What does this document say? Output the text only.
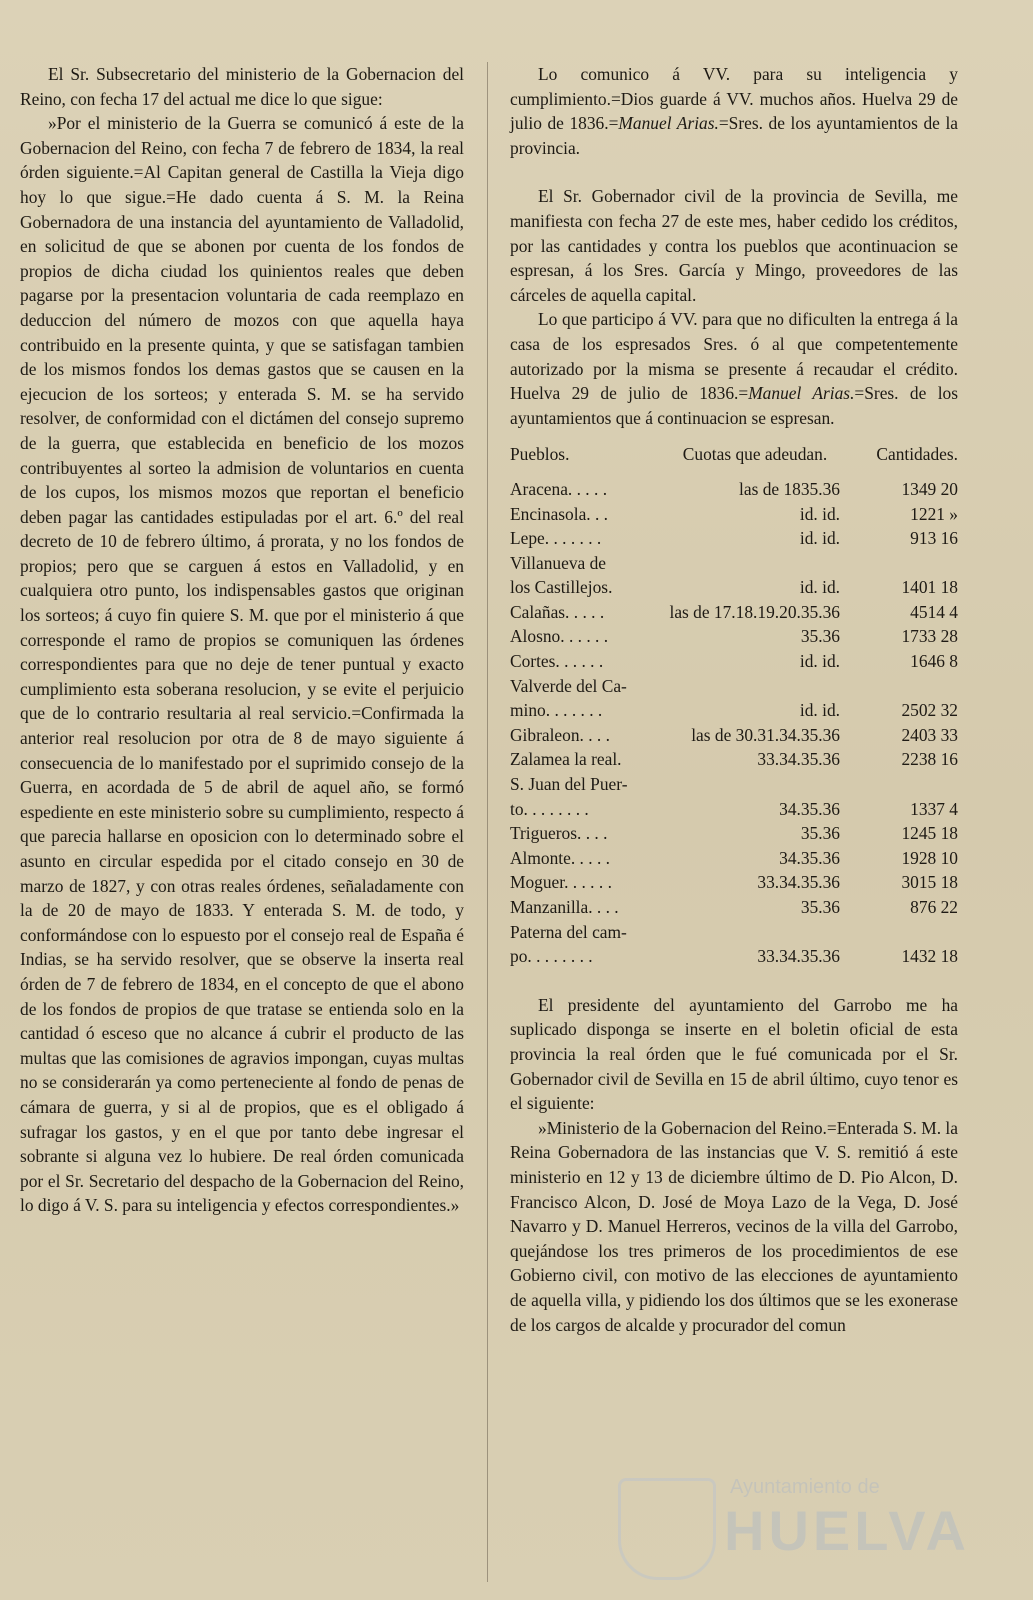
El Sr. Subsecretario del ministerio de la Gobernacion del Reino, con fecha 17 del actual me dice lo que sigue:

»Por el ministerio de la Guerra se comunicó á este de la Gobernacion del Reino, con fecha 7 de febrero de 1834, la real órden siguiente.=Al Capitan general de Castilla la Vieja digo hoy lo que sigue.=He dado cuenta á S. M. la Reina Gobernadora de una instancia del ayuntamiento de Valladolid, en solicitud de que se abonen por cuenta de los fondos de propios de dicha ciudad los quinientos reales que deben pagarse por la presentacion voluntaria de cada reemplazo en deduccion del número de mozos con que aquella haya contribuido en la presente quinta, y que se satisfagan tambien de los mismos fondos los demas gastos que se causen en la ejecucion de los sorteos; y enterada S. M. se ha servido resolver, de conformidad con el dictámen del consejo supremo de la guerra, que establecida en beneficio de los mozos contribuyentes al sorteo la admision de voluntarios en cuenta de los cupos, los mismos mozos que reportan el beneficio deben pagar las cantidades estipuladas por el art. 6.º del real decreto de 10 de febrero último, á prorata, y no los fondos de propios; pero que se carguen á estos en Valladolid, y en cualquiera otro punto, los indispensables gastos que originan los sorteos; á cuyo fin quiere S. M. que por el ministerio á que corresponde el ramo de propios se comuniquen las órdenes correspondientes para que no deje de tener puntual y exacto cumplimiento esta soberana resolucion, y se evite el perjuicio que de lo contrario resultaria al real servicio.=Confirmada la anterior real resolucion por otra de 8 de mayo siguiente á consecuencia de lo manifestado por el suprimido consejo de la Guerra, en acordada de 5 de abril de aquel año, se formó espediente en este ministerio sobre su cumplimiento, respecto á que parecia hallarse en oposicion con lo determinado sobre el asunto en circular espedida por el citado consejo en 30 de marzo de 1827, y con otras reales órdenes, señaladamente con la de 20 de mayo de 1833. Y enterada S. M. de todo, y conformándose con lo espuesto por el consejo real de España é Indias, se ha servido resolver, que se observe la inserta real órden de 7 de febrero de 1834, en el concepto de que el abono de los fondos de propios de que tratase se entienda solo en la cantidad ó esceso que no alcance á cubrir el producto de las multas que las comisiones de agravios impongan, cuyas multas no se considerarán ya como perteneciente al fondo de penas de cámara de guerra, y si al de propios, que es el obligado á sufragar los gastos, y en el que por tanto debe ingresar el sobrante si alguna vez lo hubiere. De real órden comunicada por el Sr. Secretario del despacho de la Gobernacion del Reino, lo digo á V. S. para su inteligencia y efectos correspondientes.»

Lo comunico á VV. para su inteligencia y cumplimiento.=Dios guarde á VV. muchos años. Huelva 29 de julio de 1836.=Manuel Arias.=Sres. de los ayuntamientos de la provincia.

El Sr. Gobernador civil de la provincia de Sevilla, me manifiesta con fecha 27 de este mes, haber cedido los créditos, por las cantidades y contra los pueblos que acontinuacion se espresan, á los Sres. García y Mingo, proveedores de las cárceles de aquella capital.

Lo que participo á VV. para que no dificulten la entrega á la casa de los espresados Sres. ó al que competentemente autorizado por la misma se presente á recaudar el crédito. Huelva 29 de julio de 1836.=Manuel Arias.=Sres. de los ayuntamientos que á continuacion se espresan.

Pueblos.	Cuotas que adeudan.	Cantidades.
Aracena. . . . .	las de 1835.36	1349 20
Encinasola. . .	id. id.	1221 »
Lepe. . . . . . .	id. id.	913 16
Villanueva de		
los Castillejos.	id. id.	1401 18
Calañas. . . . .	las de 17.18.19.20.35.36	4514 4
Alosno. . . . . .	35.36	1733 28
Cortes. . . . . .	id. id.	1646 8
Valverde del Ca-		
mino. . . . . . .	id. id.	2502 32
Gibraleon. . . .	las de 30.31.34.35.36	2403 33
Zalamea la real.	33.34.35.36	2238 16
S. Juan del Puer-		
to. . . . . . . .	34.35.36	1337 4
Trigueros. . . .	35.36	1245 18
Almonte. . . . .	34.35.36	1928 10
Moguer. . . . . .	33.34.35.36	3015 18
Manzanilla. . . .	35.36	876 22
Paterna del cam-		
po. . . . . . . .	33.34.35.36	1432 18

El presidente del ayuntamiento del Garrobo me ha suplicado disponga se inserte en el boletin oficial de esta provincia la real órden que le fué comunicada por el Sr. Gobernador civil de Sevilla en 15 de abril último, cuyo tenor es el siguiente:

»Ministerio de la Gobernacion del Reino.=Enterada S. M. la Reina Gobernadora de las instancias que V. S. remitió á este ministerio en 12 y 13 de diciembre último de D. Pio Alcon, D. Francisco Alcon, D. José de Moya Lazo de la Vega, D. José Navarro y D. Manuel Herreros, vecinos de la villa del Garrobo, quejándose los tres primeros de los procedimientos de ese Gobierno civil, con motivo de las elecciones de ayuntamiento de aquella villa, y pidiendo los dos últimos que se les exonerase de los cargos de alcalde y procurador del comun

Ayuntamiento de
HUELVA
